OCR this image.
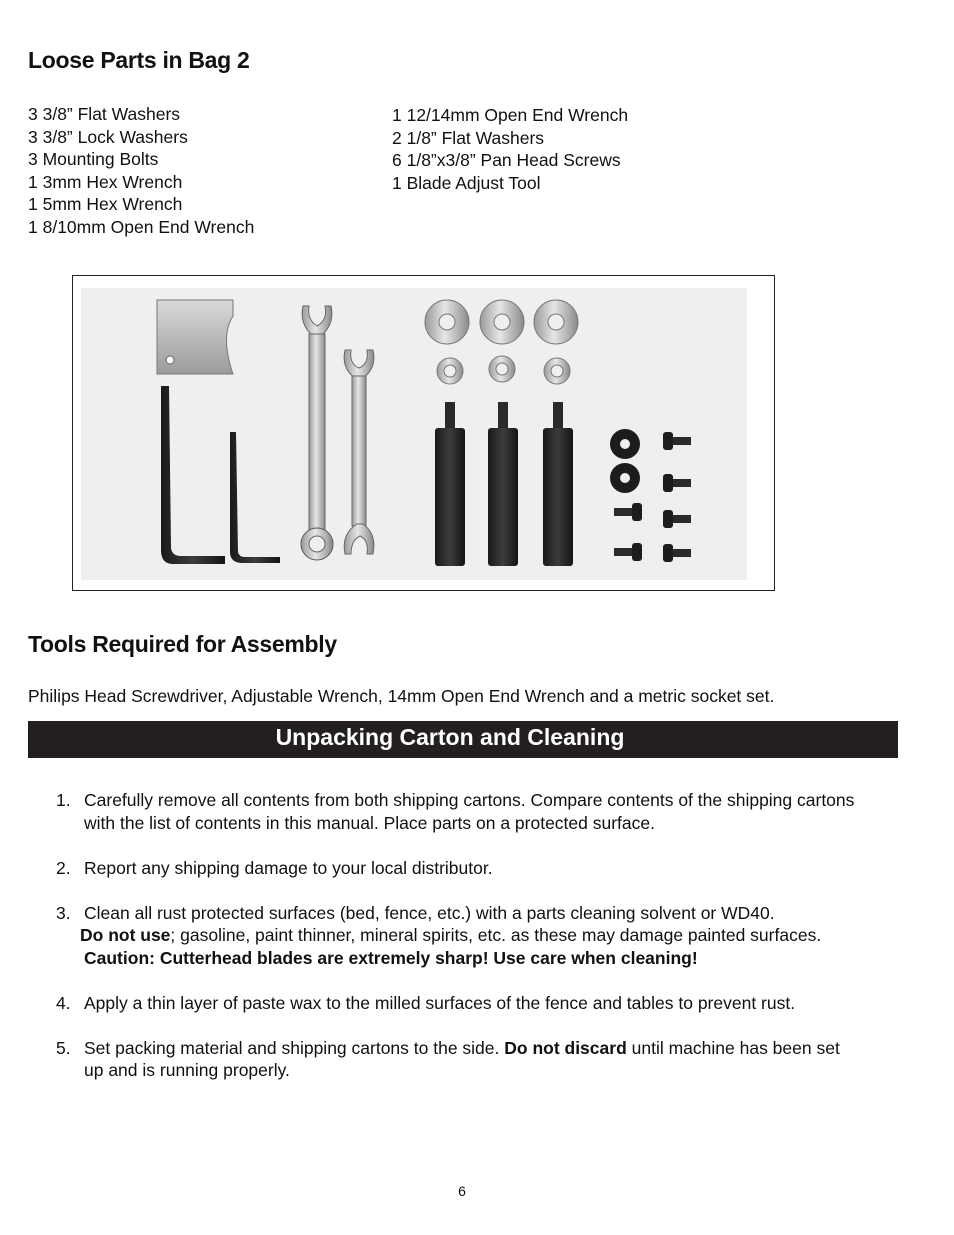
Loose Parts in Bag 2
3 3/8” Flat Washers
3 3/8” Lock Washers
3 Mounting Bolts
1 3mm Hex Wrench
1 5mm Hex Wrench
1 8/10mm Open End Wrench
1 12/14mm Open End Wrench
2 1/8” Flat Washers
6 1/8”x3/8” Pan Head Screws
1 Blade Adjust Tool
Tools Required for Assembly
Philips Head Screwdriver, Adjustable Wrench, 14mm Open End Wrench and a metric socket set.
Unpacking Carton and Cleaning
1. Carefully remove all contents from both shipping cartons. Compare contents of the shipping cartons
with the list of contents in this manual. Place parts on a protected surface.
2. Report any shipping damage to your local distributor.
3. Clean all rust protected surfaces (bed, fence, etc.) with a parts cleaning solvent or WD40.
Do not use; gasoline, paint thinner, mineral spirits, etc. as these may damage painted surfaces.
Caution: Cutterhead blades are extremely sharp! Use care when cleaning!
4. Apply a thin layer of paste wax to the milled surfaces of the fence and tables to prevent rust.
5. Set packing material and shipping cartons to the side. Do not discard until machine has been set
up and is running properly.
6
